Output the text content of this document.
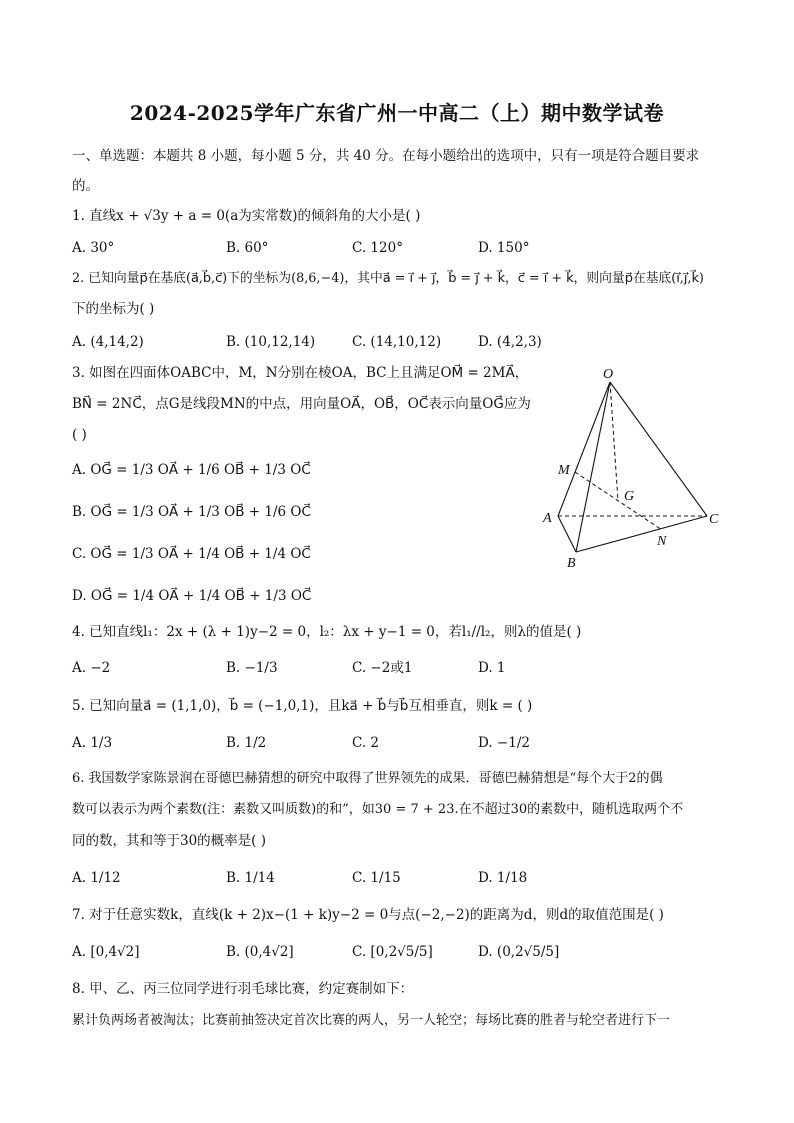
2024-2025学年广东省广州一中高二（上）期中数学试卷
一、单选题：本题共 8 小题，每小题 5 分，共 40 分。在每小题给出的选项中，只有一项是符合题目要求
的。
1. 直线x + √3y + a = 0(a为实常数)的倾斜角的大小是( )
A. 30°	B. 60°	C. 120°	D. 150°
2. 已知向量p⃗在基底(a⃗,b⃗,c⃗)下的坐标为(8,6,−4)，其中a⃗ = i⃗ + j⃗，b⃗ = j⃗ + k⃗，c⃗ = i⃗ + k⃗，则向量p⃗在基底(i⃗,j⃗,k⃗)
下的坐标为( )
A. (4,14,2)	B. (10,12,14)	C. (14,10,12)	D. (4,2,3)
3. 如图在四面体OABC中，M，N分别在棱OA，BC上且满足OM⃗ = 2MA⃗，
BN⃗ = 2NC⃗，点G是线段MN的中点，用向量OA⃗，OB⃗，OC⃗表示向量OG⃗应为
( )
A. OG⃗ = 1/3 OA⃗ + 1/6 OB⃗ + 1/3 OC⃗
B. OG⃗ = 1/3 OA⃗ + 1/3 OB⃗ + 1/6 OC⃗
C. OG⃗ = 1/3 OA⃗ + 1/4 OB⃗ + 1/4 OC⃗
D. OG⃗ = 1/4 OA⃗ + 1/4 OB⃗ + 1/3 OC⃗
O
M
G
A	C
N
B
4. 已知直线l₁：2x + (λ + 1)y−2 = 0，l₂：λx + y−1 = 0，若l₁//l₂，则λ的值是( )
A. −2	B. −1/3	C. −2或1	D. 1
5. 已知向量a⃗ = (1,1,0)，b⃗ = (−1,0,1)，且ka⃗ + b⃗与b⃗互相垂直，则k = ( )
A. 1/3	B. 1/2	C. 2	D. −1/2
6. 我国数学家陈景润在哥德巴赫猜想的研究中取得了世界领先的成果．哥德巴赫猜想是“每个大于2的偶
数可以表示为两个素数(注：素数又叫质数)的和”，如30 = 7 + 23.在不超过30的素数中，随机选取两个不
同的数，其和等于30的概率是( )
A. 1/12	B. 1/14	C. 1/15	D. 1/18
7. 对于任意实数k，直线(k + 2)x−(1 + k)y−2 = 0与点(−2,−2)的距离为d，则d的取值范围是( )
A. [0,4√2]	B. (0,4√2]	C. [0,2√5/5]	D. (0,2√5/5]
8. 甲、乙、丙三位同学进行羽毛球比赛，约定赛制如下：
累计负两场者被淘汰；比赛前抽签决定首次比赛的两人，另一人轮空；每场比赛的胜者与轮空者进行下一
